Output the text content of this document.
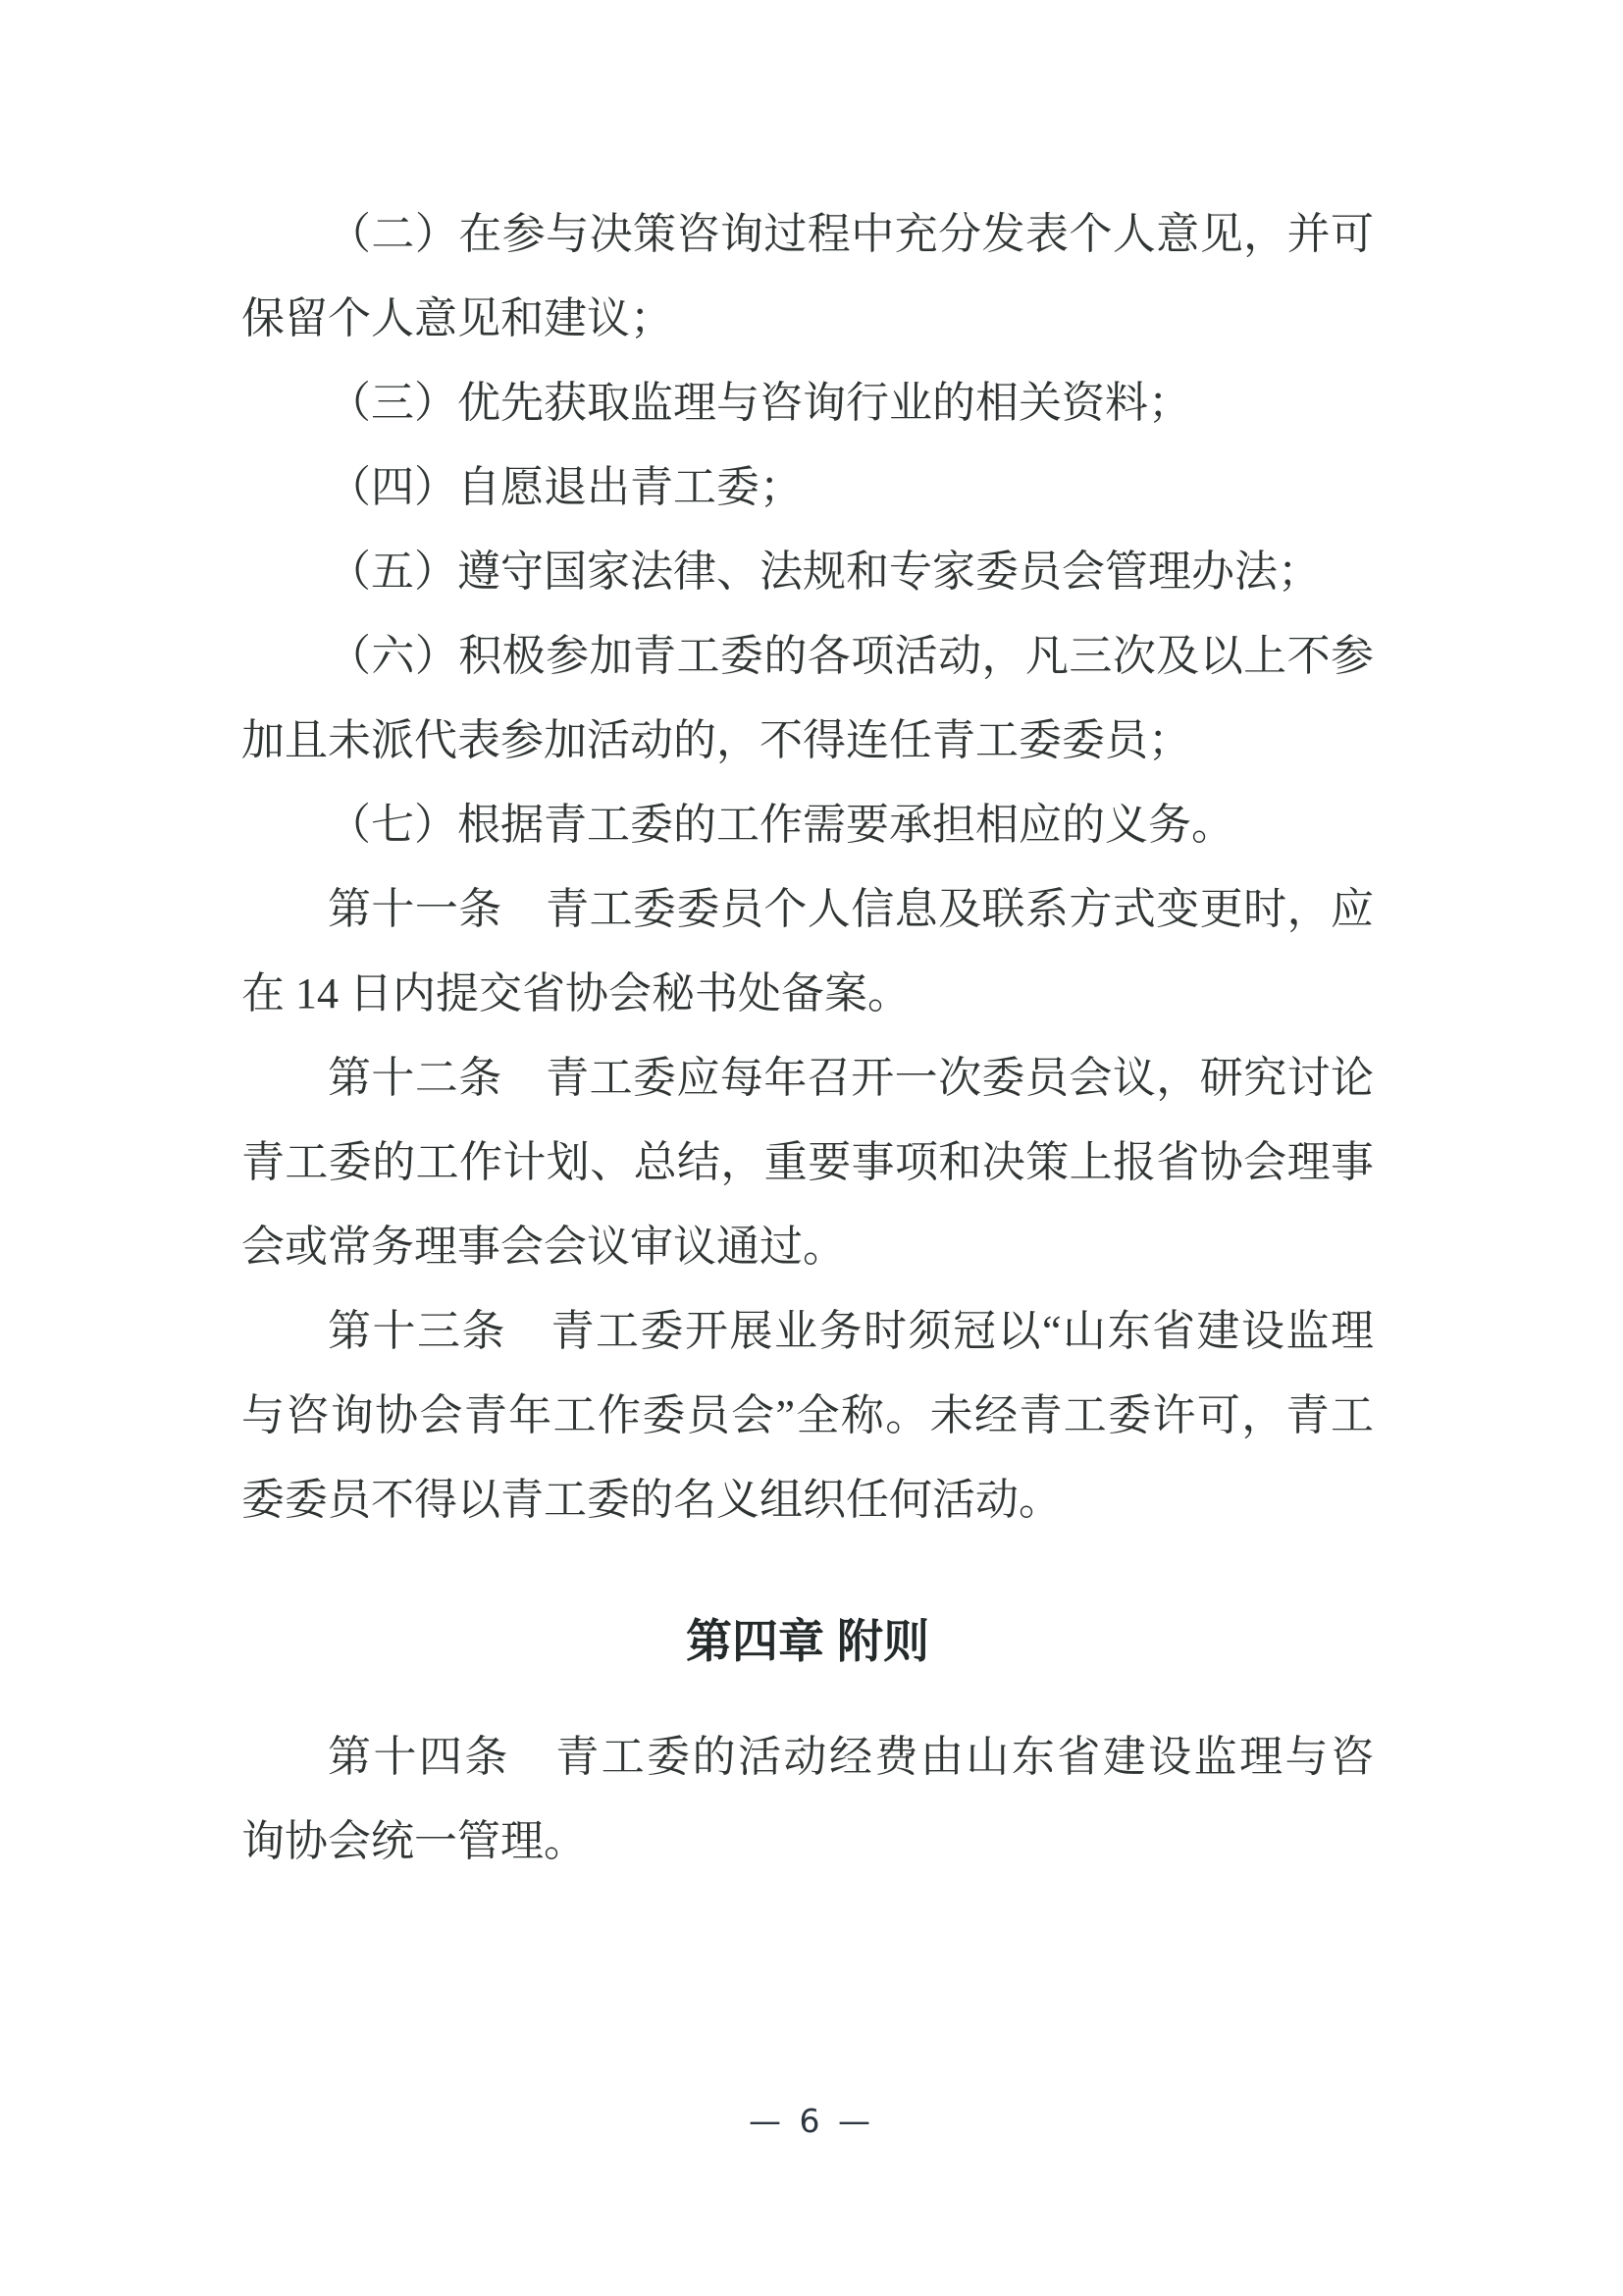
（二）在参与决策咨询过程中充分发表个人意见，并可
保留个人意见和建议；
（三）优先获取监理与咨询行业的相关资料；
（四）自愿退出青工委；
（五）遵守国家法律、法规和专家委员会管理办法；
（六）积极参加青工委的各项活动，凡三次及以上不参
加且未派代表参加活动的，不得连任青工委委员；
（七）根据青工委的工作需要承担相应的义务。
第十一条　青工委委员个人信息及联系方式变更时，应
在 14 日内提交省协会秘书处备案。
第十二条　青工委应每年召开一次委员会议，研究讨论
青工委的工作计划、总结，重要事项和决策上报省协会理事
会或常务理事会会议审议通过。
第十三条　青工委开展业务时须冠以“山东省建设监理
与咨询协会青年工作委员会”全称。未经青工委许可，青工
委委员不得以青工委的名义组织任何活动。
第四章 附则
第十四条　青工委的活动经费由山东省建设监理与咨
询协会统一管理。
— 6 —
